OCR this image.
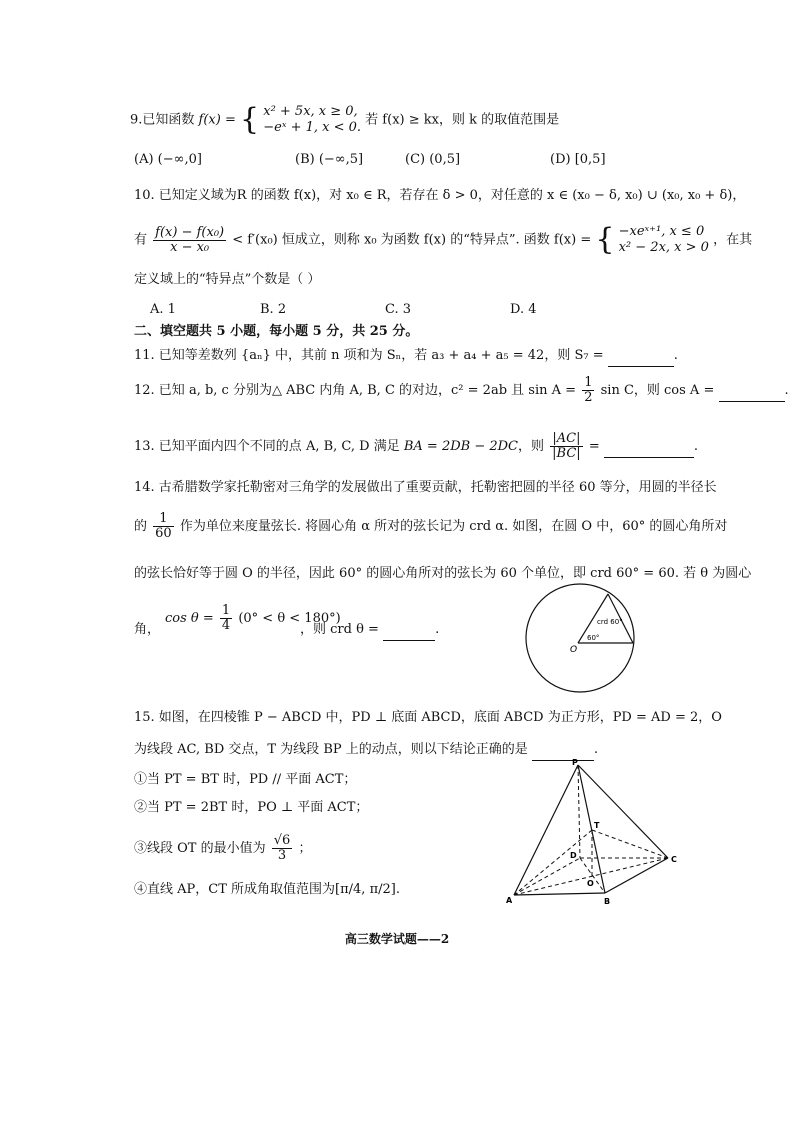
9.已知函数 f(x) = { x² + 5x, x ≥ 0,
−eˣ + 1, x < 0. 若 f(x) ≥ kx，则 k 的取值范围是
(A) (−∞,0]	(B) (−∞,5]	(C) (0,5]	(D) [0,5]
10. 已知定义域为R 的函数 f(x)，对 x₀ ∈ R，若存在 δ > 0，对任意的 x ∈ (x₀ − δ, x₀) ∪ (x₀, x₀ + δ)，
有 $\frac{\text{f(x) − f(x₀)}}{\text{x − x₀}} < f'(x_0)$ 恒成立，则称 x₀ 为函数 f(x) 的“特异点”. 函数 f(x) = { −xeˣ⁺¹, x ≤ 0
x² − 2x, x > 0 ，在其
定义域上的“特异点”个数是（ ）
A. 1	B. 2	C. 3	D. 4
二、填空题共 5 小题，每小题 5 分，共 25 分。
11. 已知等差数列 {aₙ} 中，其前 n 项和为 Sₙ，若 a₃ + a₄ + a₅ = 42，则 S₇ =	.
12. 已知 a, b, c 分别为△ ABC 内角 A, B, C 的对边，c² = 2ab 且 $\sin A = \frac{1}{2}$ sin C，则 cos A =	.
13. 已知平面内四个不同的点 A, B, C, D 满足 BA = 2DB − 2DC，则 $\frac{|AC|}{|BC|}$ =	.
14. 古希腊数学家托勒密对三角学的发展做出了重要贡献，托勒密把圆的半径 60 等分，用圆的半径长
的 $\frac{1}{60}$ 作为单位来度量弦长. 将圆心角 α 所对的弦长记为 crd α. 如图，在圆 O 中，60° 的圆心角所对
的弦长恰好等于圆 O 的半径，因此 60° 的圆心角所对的弦长为 60 个单位，即 crd 60° = 60. 若 θ 为圆心
$\cos \theta = \frac{1}{4} (0^\circ < \theta < 180^\circ)$
角，	，则 crd θ =	.	crd 60°
60°
O
15. 如图，在四棱锥 P − ABCD 中，PD ⊥ 底面 ABCD，底面 ABCD 为正方形，PD = AD = 2，O
为线段 AC, BD 交点，T 为线段 BP 上的动点，则以下结论正确的是	.
①当 PT = BT 时，PD // 平面 ACT；
②当 PT = 2BT 时，PO ⊥ 平面 ACT；
③线段 OT 的最小值为 $\frac{√6}{3}$ ；
④直线 AP，CT 所成角取值范围为[π/4, π/2].
P
T
D	C
O
A	B
高三数学试题——2
